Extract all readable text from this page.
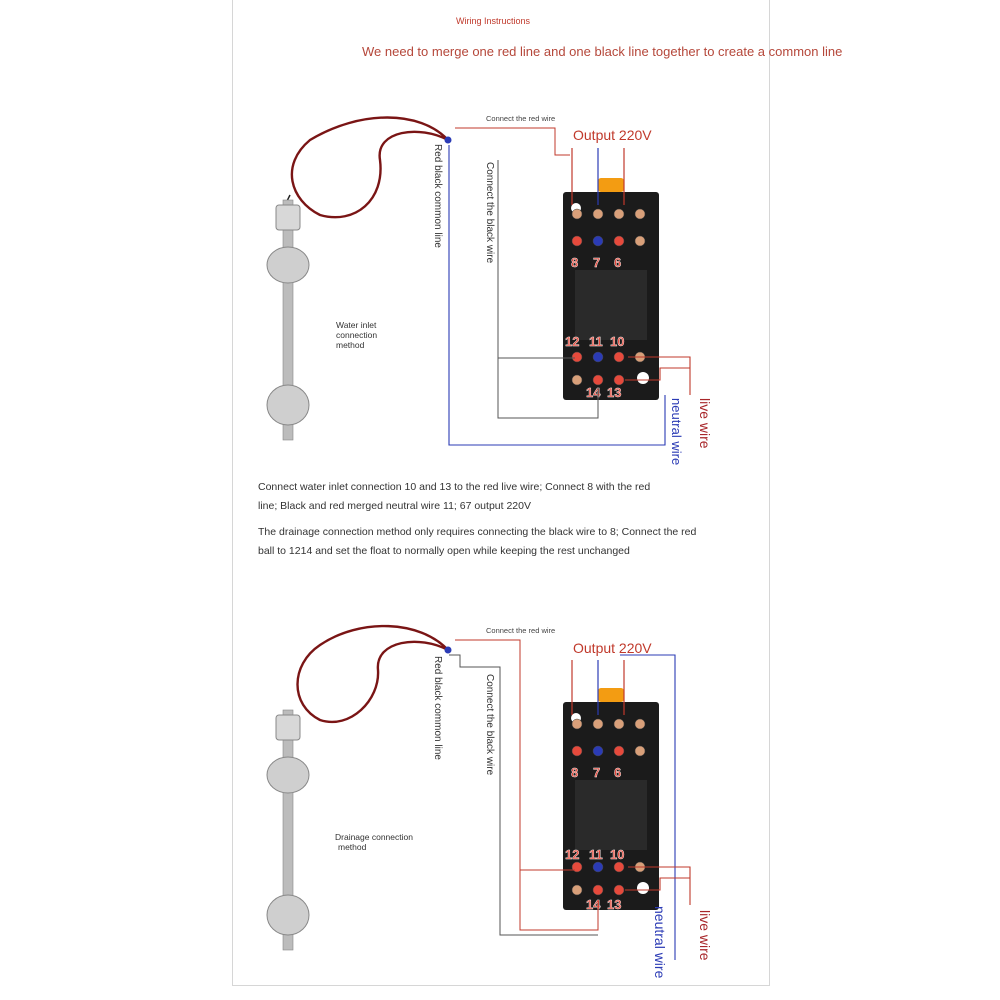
Wiring Instructions

We need to merge one red line and one black line together to create a common line

8 7 6
12 11 10
14 13

Connect the red wire

Output 220V

Red black common line	Connect the black wire
Water inlet
connection
method
live wire
neutral wire

Connect water inlet connection 10 and 13 to the red live wire; Connect 8 with the red
line; Black and red merged neutral wire 11; 67 output 220V

The drainage connection method only requires connecting the black wire to 8; Connect the red
ball to 1214 and set the float to normally open while keeping the rest unchanged

8 7 6
12 11 10
14 13

Connect the red wire

Output 220V

Red black common line	Connect the black wire
Drainage connection
method
live wire
neutral wire
